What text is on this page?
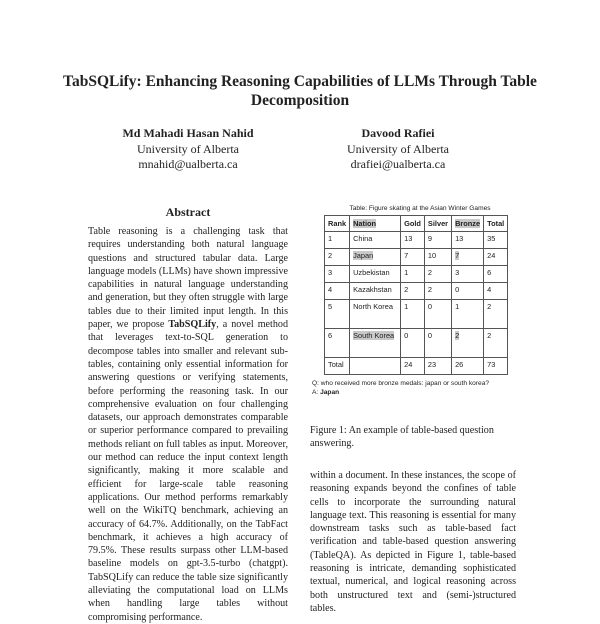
TabSQLify: Enhancing Reasoning Capabilities of LLMs Through Table Decomposition
Md Mahadi Hasan Nahid
University of Alberta
mnahid@ualberta.ca
Davood Rafiei
University of Alberta
drafiei@ualberta.ca
Abstract
Table reasoning is a challenging task that requires understanding both natural language questions and structured tabular data. Large language models (LLMs) have shown impressive capabilities in natural language understanding and generation, but they often struggle with large tables due to their limited input length. In this paper, we propose TabSQLify, a novel method that leverages text-to-SQL generation to decompose tables into smaller and relevant sub-tables, containing only essential information for answering questions or verifying statements, before performing the reasoning task. In our comprehensive evaluation on four challenging datasets, our approach demonstrates comparable or superior performance compared to prevailing methods reliant on full tables as input. Moreover, our method can reduce the input context length significantly, making it more scalable and efficient for large-scale table reasoning applications. Our method performs remarkably well on the WikiTQ benchmark, achieving an accuracy of 64.7%. Additionally, on the TabFact benchmark, it achieves a high accuracy of 79.5%. These results surpass other LLM-based baseline models on gpt-3.5-turbo (chatgpt). TabSQLify can reduce the table size significantly alleviating the computational load on LLMs when handling large tables without compromising performance.
Table: Figure skating at the Asian Winter Games
Rank	Nation	Gold	Silver	Bronze	Total
1	China	13	9	13	35
2	Japan	7	10	7	24
3	Uzbekistan	1	2	3	6
4	Kazakhstan	2	2	0	4
5	North Korea	1	0	1	2
6	South Korea	0	0	2	2
Total		24	23	26	73
Q: who received more bronze medals: japan or south korea?
A: Japan
Figure 1: An example of table-based question answering.
within a document. In these instances, the scope of reasoning expands beyond the confines of table cells to incorporate the surrounding natural language text. This reasoning is essential for many downstream tasks such as table-based fact verification and table-based question answering (TableQA). As depicted in Figure 1, table-based reasoning is intricate, demanding sophisticated textual, numerical, and logical reasoning across both unstructured text and (semi-)structured tables.
